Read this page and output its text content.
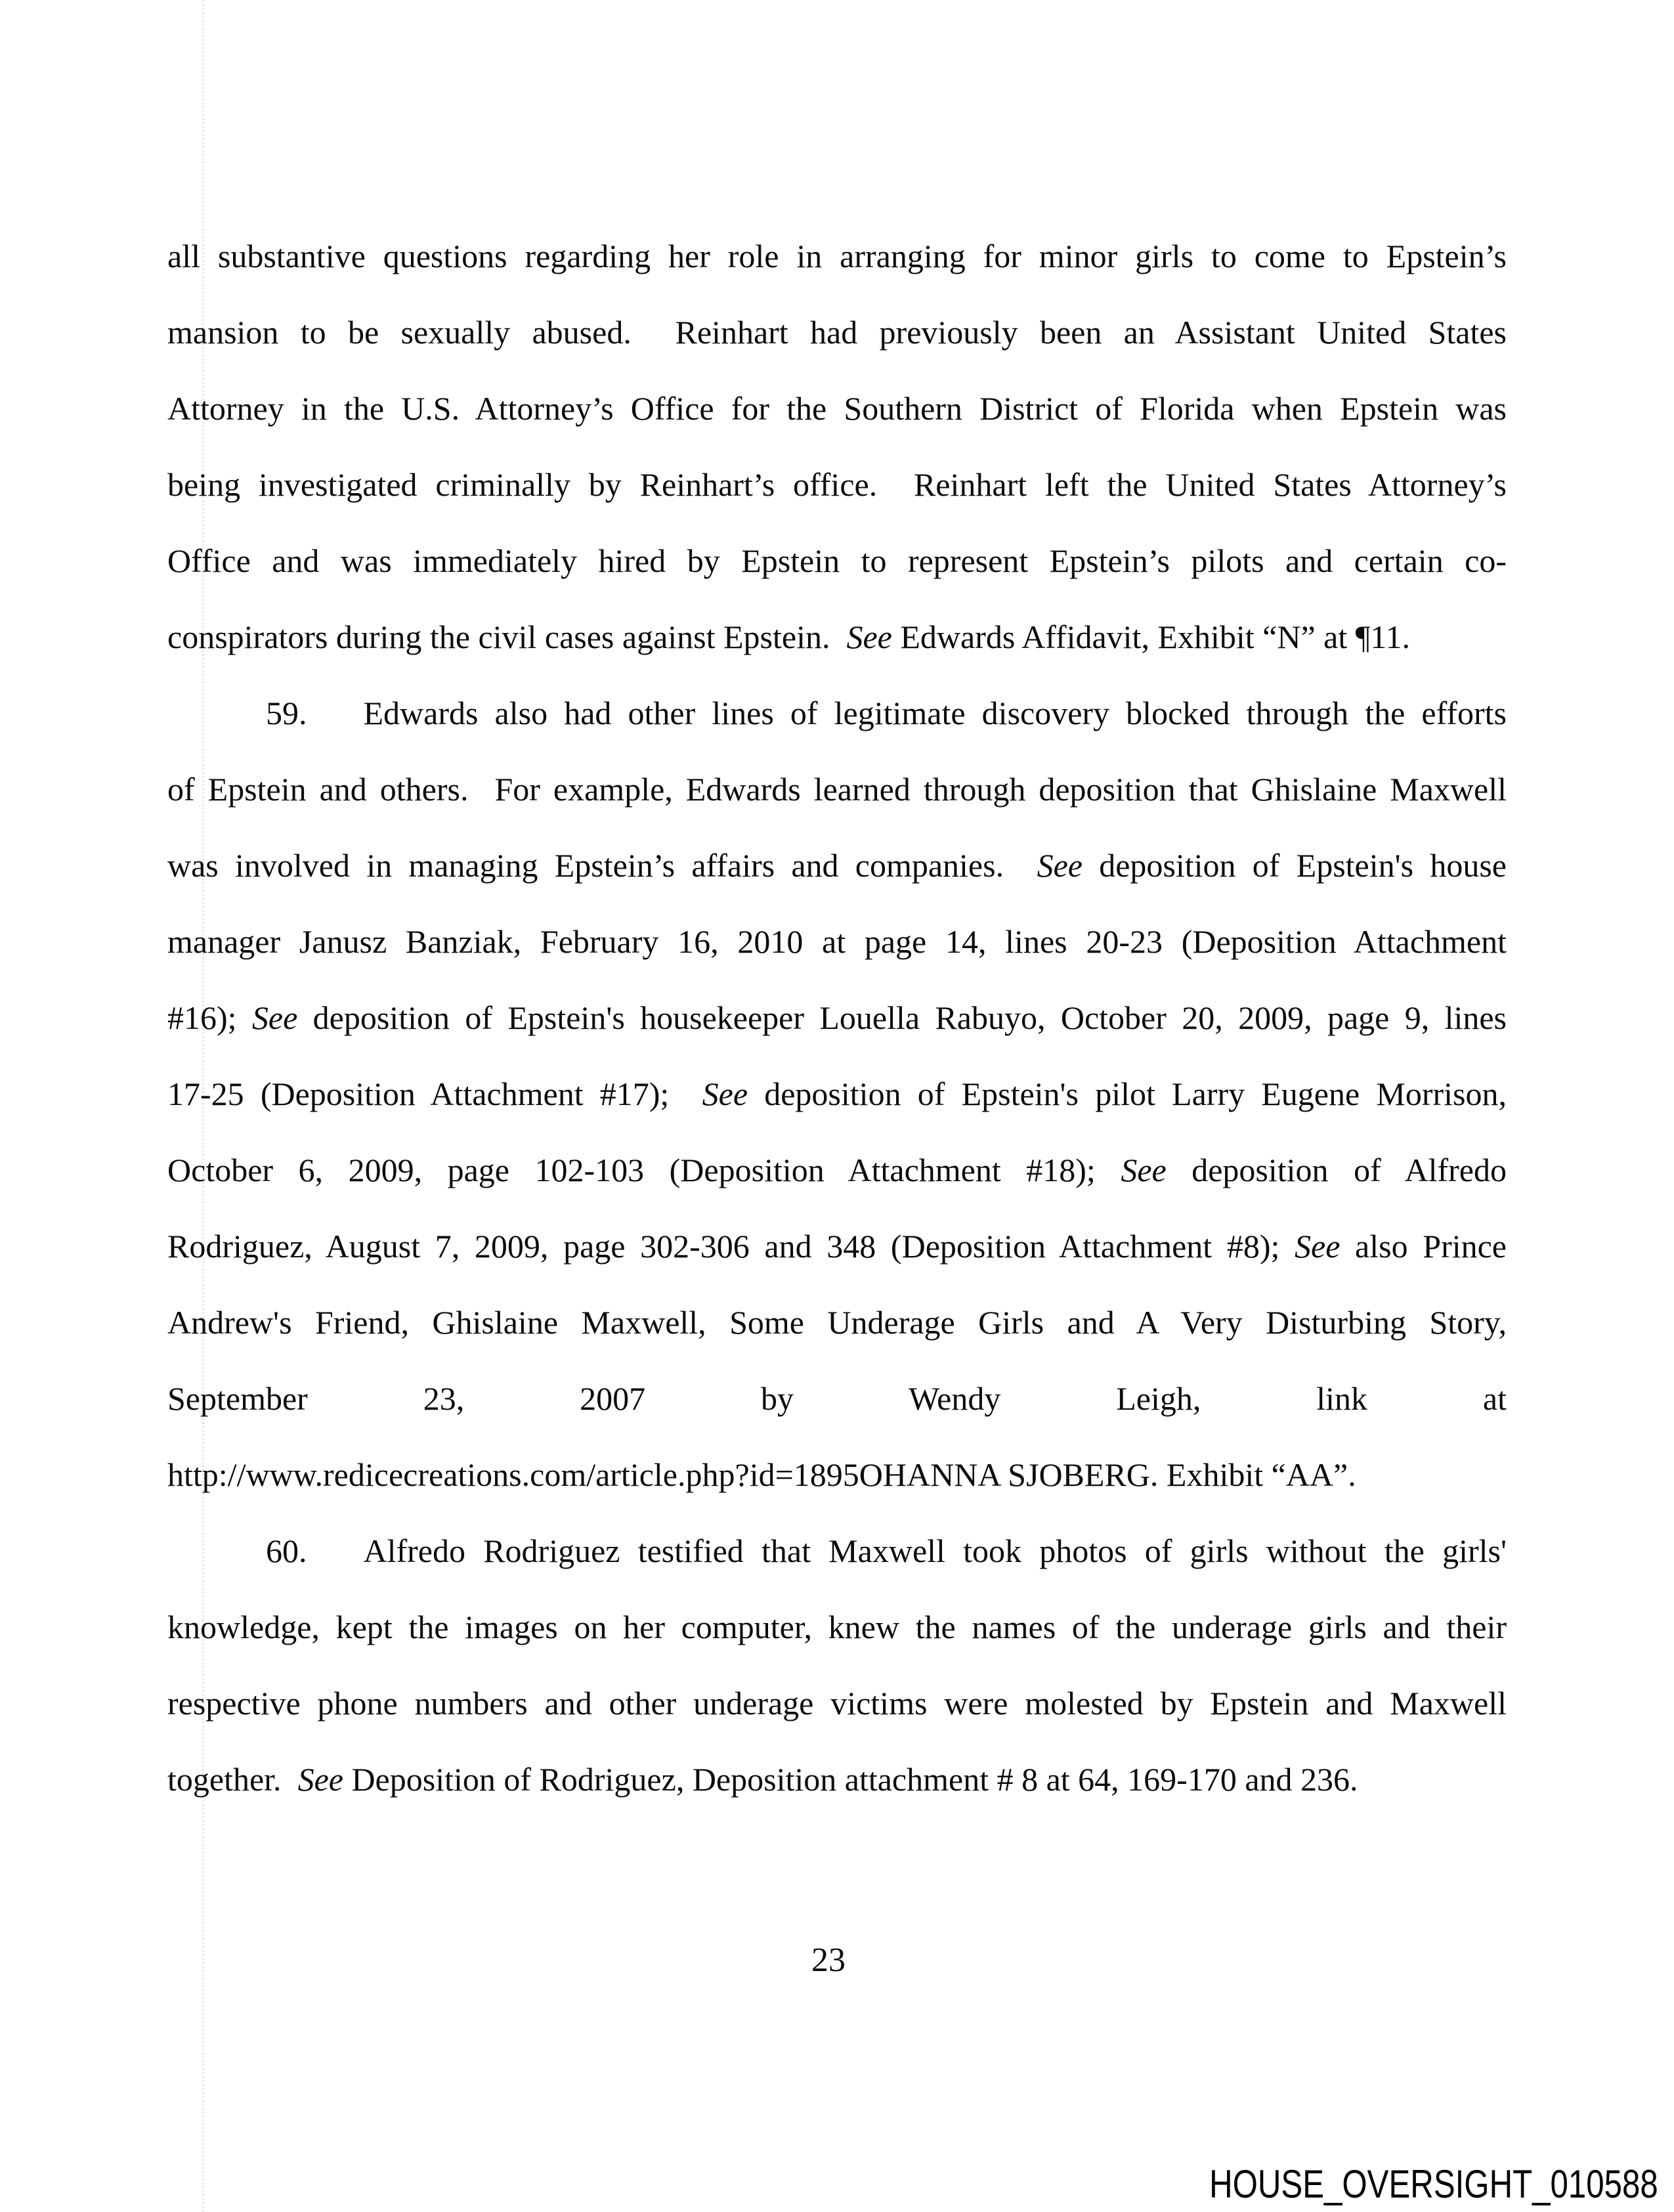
all substantive questions regarding her role in arranging for minor girls to come to Epstein’s
mansion to be sexually abused.  Reinhart had previously been an Assistant United States
Attorney in the U.S. Attorney’s Office for the Southern District of Florida when Epstein was
being investigated criminally by Reinhart’s office.  Reinhart left the United States Attorney’s
Office and was immediately hired by Epstein to represent Epstein’s pilots and certain co-
conspirators during the civil cases against Epstein.  See Edwards Affidavit, Exhibit “N” at ¶11.
59. Edwards also had other lines of legitimate discovery blocked through the efforts
of Epstein and others.  For example, Edwards learned through deposition that Ghislaine Maxwell
was involved in managing Epstein’s affairs and companies.  See deposition of Epstein's house
manager Janusz Banziak, February 16, 2010 at page 14, lines 20-23 (Deposition Attachment
#16); See deposition of Epstein's housekeeper Louella Rabuyo, October 20, 2009, page 9, lines
17-25 (Deposition Attachment #17);  See deposition of Epstein's pilot Larry Eugene Morrison,
October 6, 2009, page 102-103 (Deposition Attachment #18); See deposition of Alfredo
Rodriguez, August 7, 2009, page 302-306 and 348 (Deposition Attachment #8); See also Prince
Andrew's Friend, Ghislaine Maxwell, Some Underage Girls and A Very Disturbing Story,
September 23, 2007 by Wendy Leigh, link at
http://www.redicecreations.com/article.php?id=1895OHANNA SJOBERG. Exhibit “AA”.
60. Alfredo Rodriguez testified that Maxwell took photos of girls without the girls'
knowledge, kept the images on her computer, knew the names of the underage girls and their
respective phone numbers and other underage victims were molested by Epstein and Maxwell
together.  See Deposition of Rodriguez, Deposition attachment # 8 at 64, 169-170 and 236.
23
HOUSE_OVERSIGHT_010588
